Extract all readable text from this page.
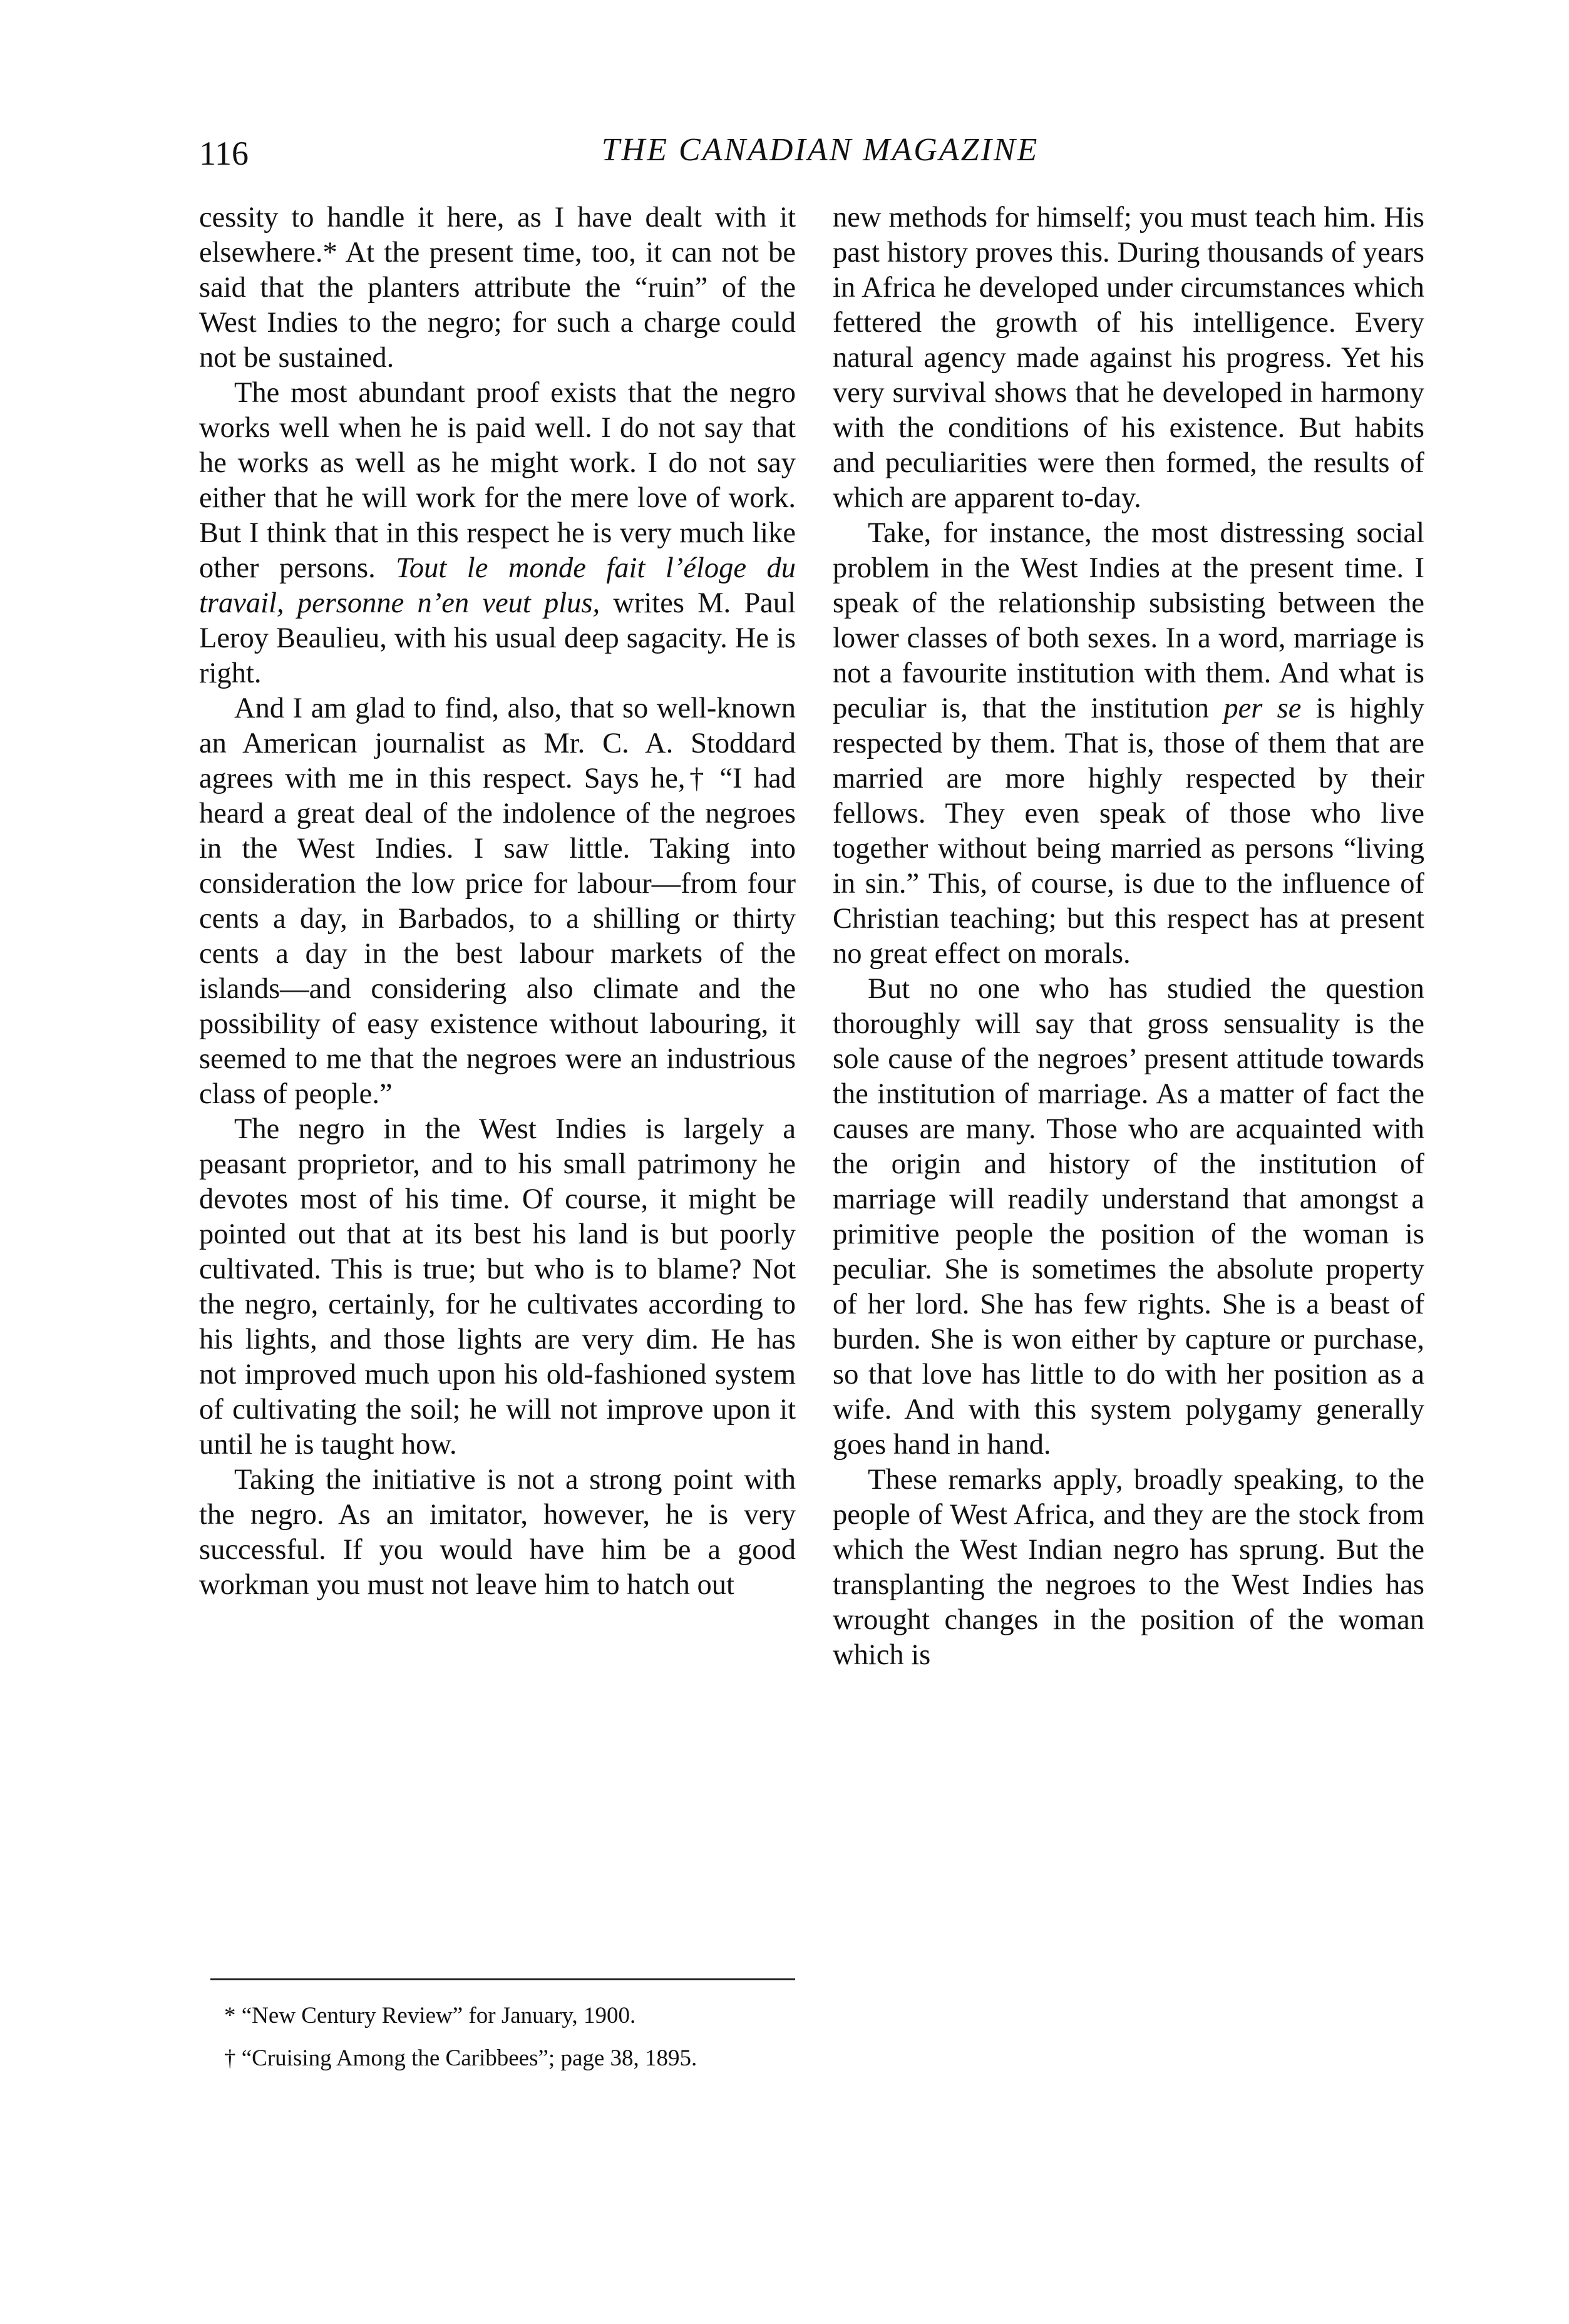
116	THE CANADIAN MAGAZINE

cessity to handle it here, as I have dealt with it elsewhere.* At the present time, too, it can not be said that the planters attribute the “ruin” of the West Indies to the negro; for such a charge could not be sustained.

The most abundant proof exists that the negro works well when he is paid well. I do not say that he works as well as he might work. I do not say either that he will work for the mere love of work. But I think that in this respect he is very much like other persons. Tout le monde fait l’éloge du travail, personne n’en veut plus, writes M. Paul Leroy Beaulieu, with his usual deep sagacity. He is right.

And I am glad to find, also, that so well-known an American journalist as Mr. C. A. Stoddard agrees with me in this respect. Says he,† “I had heard a great deal of the indolence of the negroes in the West Indies. I saw little. Taking into consideration the low price for labour—from four cents a day, in Barbados, to a shilling or thirty cents a day in the best labour markets of the islands—and considering also climate and the possibility of easy existence without labouring, it seemed to me that the negroes were an industrious class of people.”

The negro in the West Indies is largely a peasant proprietor, and to his small patrimony he devotes most of his time. Of course, it might be pointed out that at its best his land is but poorly cultivated. This is true; but who is to blame? Not the negro, certainly, for he cultivates according to his lights, and those lights are very dim. He has not improved much upon his old-fashioned system of cultivating the soil; he will not improve upon it until he is taught how.

Taking the initiative is not a strong point with the negro. As an imitator, however, he is very successful. If you would have him be a good workman you must not leave him to hatch out

new methods for himself; you must teach him. His past history proves this. During thousands of years in Africa he developed under circumstances which fettered the growth of his intelligence. Every natural agency made against his progress. Yet his very survival shows that he developed in harmony with the conditions of his existence. But habits and peculiarities were then formed, the results of which are apparent to-day.

Take, for instance, the most distressing social problem in the West Indies at the present time. I speak of the relationship subsisting between the lower classes of both sexes. In a word, marriage is not a favourite institution with them. And what is peculiar is, that the institution per se is highly respected by them. That is, those of them that are married are more highly respected by their fellows. They even speak of those who live together without being married as persons “living in sin.” This, of course, is due to the influence of Christian teaching; but this respect has at present no great effect on morals.

But no one who has studied the question thoroughly will say that gross sensuality is the sole cause of the negroes’ present attitude towards the institution of marriage. As a matter of fact the causes are many. Those who are acquainted with the origin and history of the institution of marriage will readily understand that amongst a primitive people the position of the woman is peculiar. She is sometimes the absolute property of her lord. She has few rights. She is a beast of burden. She is won either by capture or purchase, so that love has little to do with her position as a wife. And with this system polygamy generally goes hand in hand.

These remarks apply, broadly speaking, to the people of West Africa, and they are the stock from which the West Indian negro has sprung. But the transplanting the negroes to the West Indies has wrought changes in the position of the woman which is

* “New Century Review” for January, 1900.

† “Cruising Among the Caribbees”; page 38, 1895.
